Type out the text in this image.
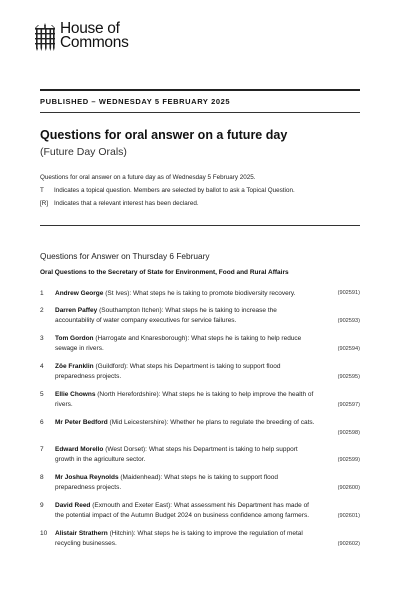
House of
Commons
PUBLISHED – WEDNESDAY 5 FEBRUARY 2025
Questions for oral answer on a future day
(Future Day Orals)
Questions for oral answer on a future day as of Wednesday 5 February 2025.
T	Indicates a topical question. Members are selected by ballot to ask a Topical Question.
[R] Indicates that a relevant interest has been declared.
Questions for Answer on Thursday 6 February
Oral Questions to the Secretary of State for Environment, Food and Rural Affairs
1 Andrew George (St Ives): What steps he is taking to promote biodiversity recovery.	(902591)
2 Darren Paffey (Southampton Itchen): What steps he is taking to increase the accountability of water company executives for service failures.	(902593)
3 Tom Gordon (Harrogate and Knaresborough): What steps he is taking to help reduce sewage in rivers.	(902594)
4 Zöe Franklin (Guildford): What steps his Department is taking to support flood preparedness projects.	(902595)
5 Ellie Chowns (North Herefordshire): What steps he is taking to help improve the health of rivers.	(902597)
6 Mr Peter Bedford (Mid Leicestershire): Whether he plans to regulate the breeding of cats.
(902598)
7 Edward Morello (West Dorset): What steps his Department is taking to help support growth in the agriculture sector.	(902599)
8 Mr Joshua Reynolds (Maidenhead): What steps he is taking to support flood preparedness projects.	(902600)
9 David Reed (Exmouth and Exeter East): What assessment his Department has made of the potential impact of the Autumn Budget 2024 on business confidence among farmers.	(902601)
10 Alistair Strathern (Hitchin): What steps he is taking to improve the regulation of metal recycling businesses.	(902602)
